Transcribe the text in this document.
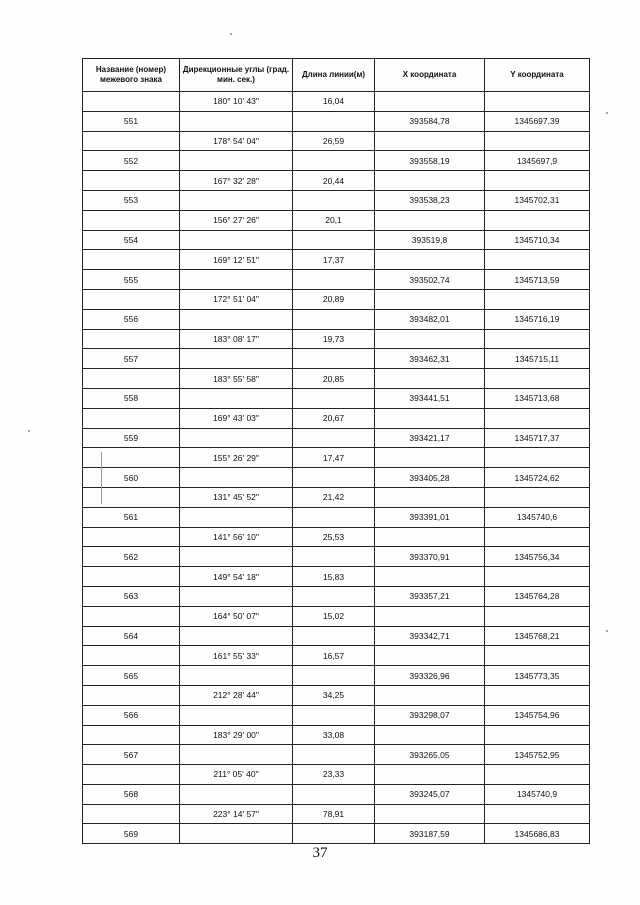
Название (номер) межевого знака	Дирекционные углы (град. мин. сек.)	Длина линии(м)	X координата	Y координата
	180° 10' 43"	16,04		
551			393584,78	1345697,39
	178° 54' 04"	26,59		
552			393558,19	1345697,9
	167° 32' 28"	20,44		
553			393538,23	1345702,31
	156° 27' 26"	20,1		
554			393519,8	1345710,34
	169° 12' 51"	17,37		
555			393502,74	1345713,59
	172° 51' 04"	20,89		
556			393482,01	1345716,19
	183° 08' 17"	19,73		
557			393462,31	1345715,11
	183° 55' 58"	20,85		
558			393441,51	1345713,68
	169° 43' 03"	20,67		
559			393421,17	1345717,37
	155° 26' 29"	17,47		
560			393405,28	1345724,62
	131° 45' 52"	21,42		
561			393391,01	1345740,6
	141° 56' 10"	25,53		
562			393370,91	1345756,34
	149° 54' 18"	15,83		
563			393357,21	1345764,28
	164° 50' 07"	15,02		
564			393342,71	1345768,21
	161° 55' 33"	16,57		
565			393326,96	1345773,35
	212° 28' 44"	34,25		
566			393298,07	1345754,96
	183° 29' 00"	33,08		
567			393265,05	1345752,95
	211° 05' 40"	23,33		
568			393245,07	1345740,9
	223° 14' 57"	78,91		
569			393187,59	1345686,83
37
